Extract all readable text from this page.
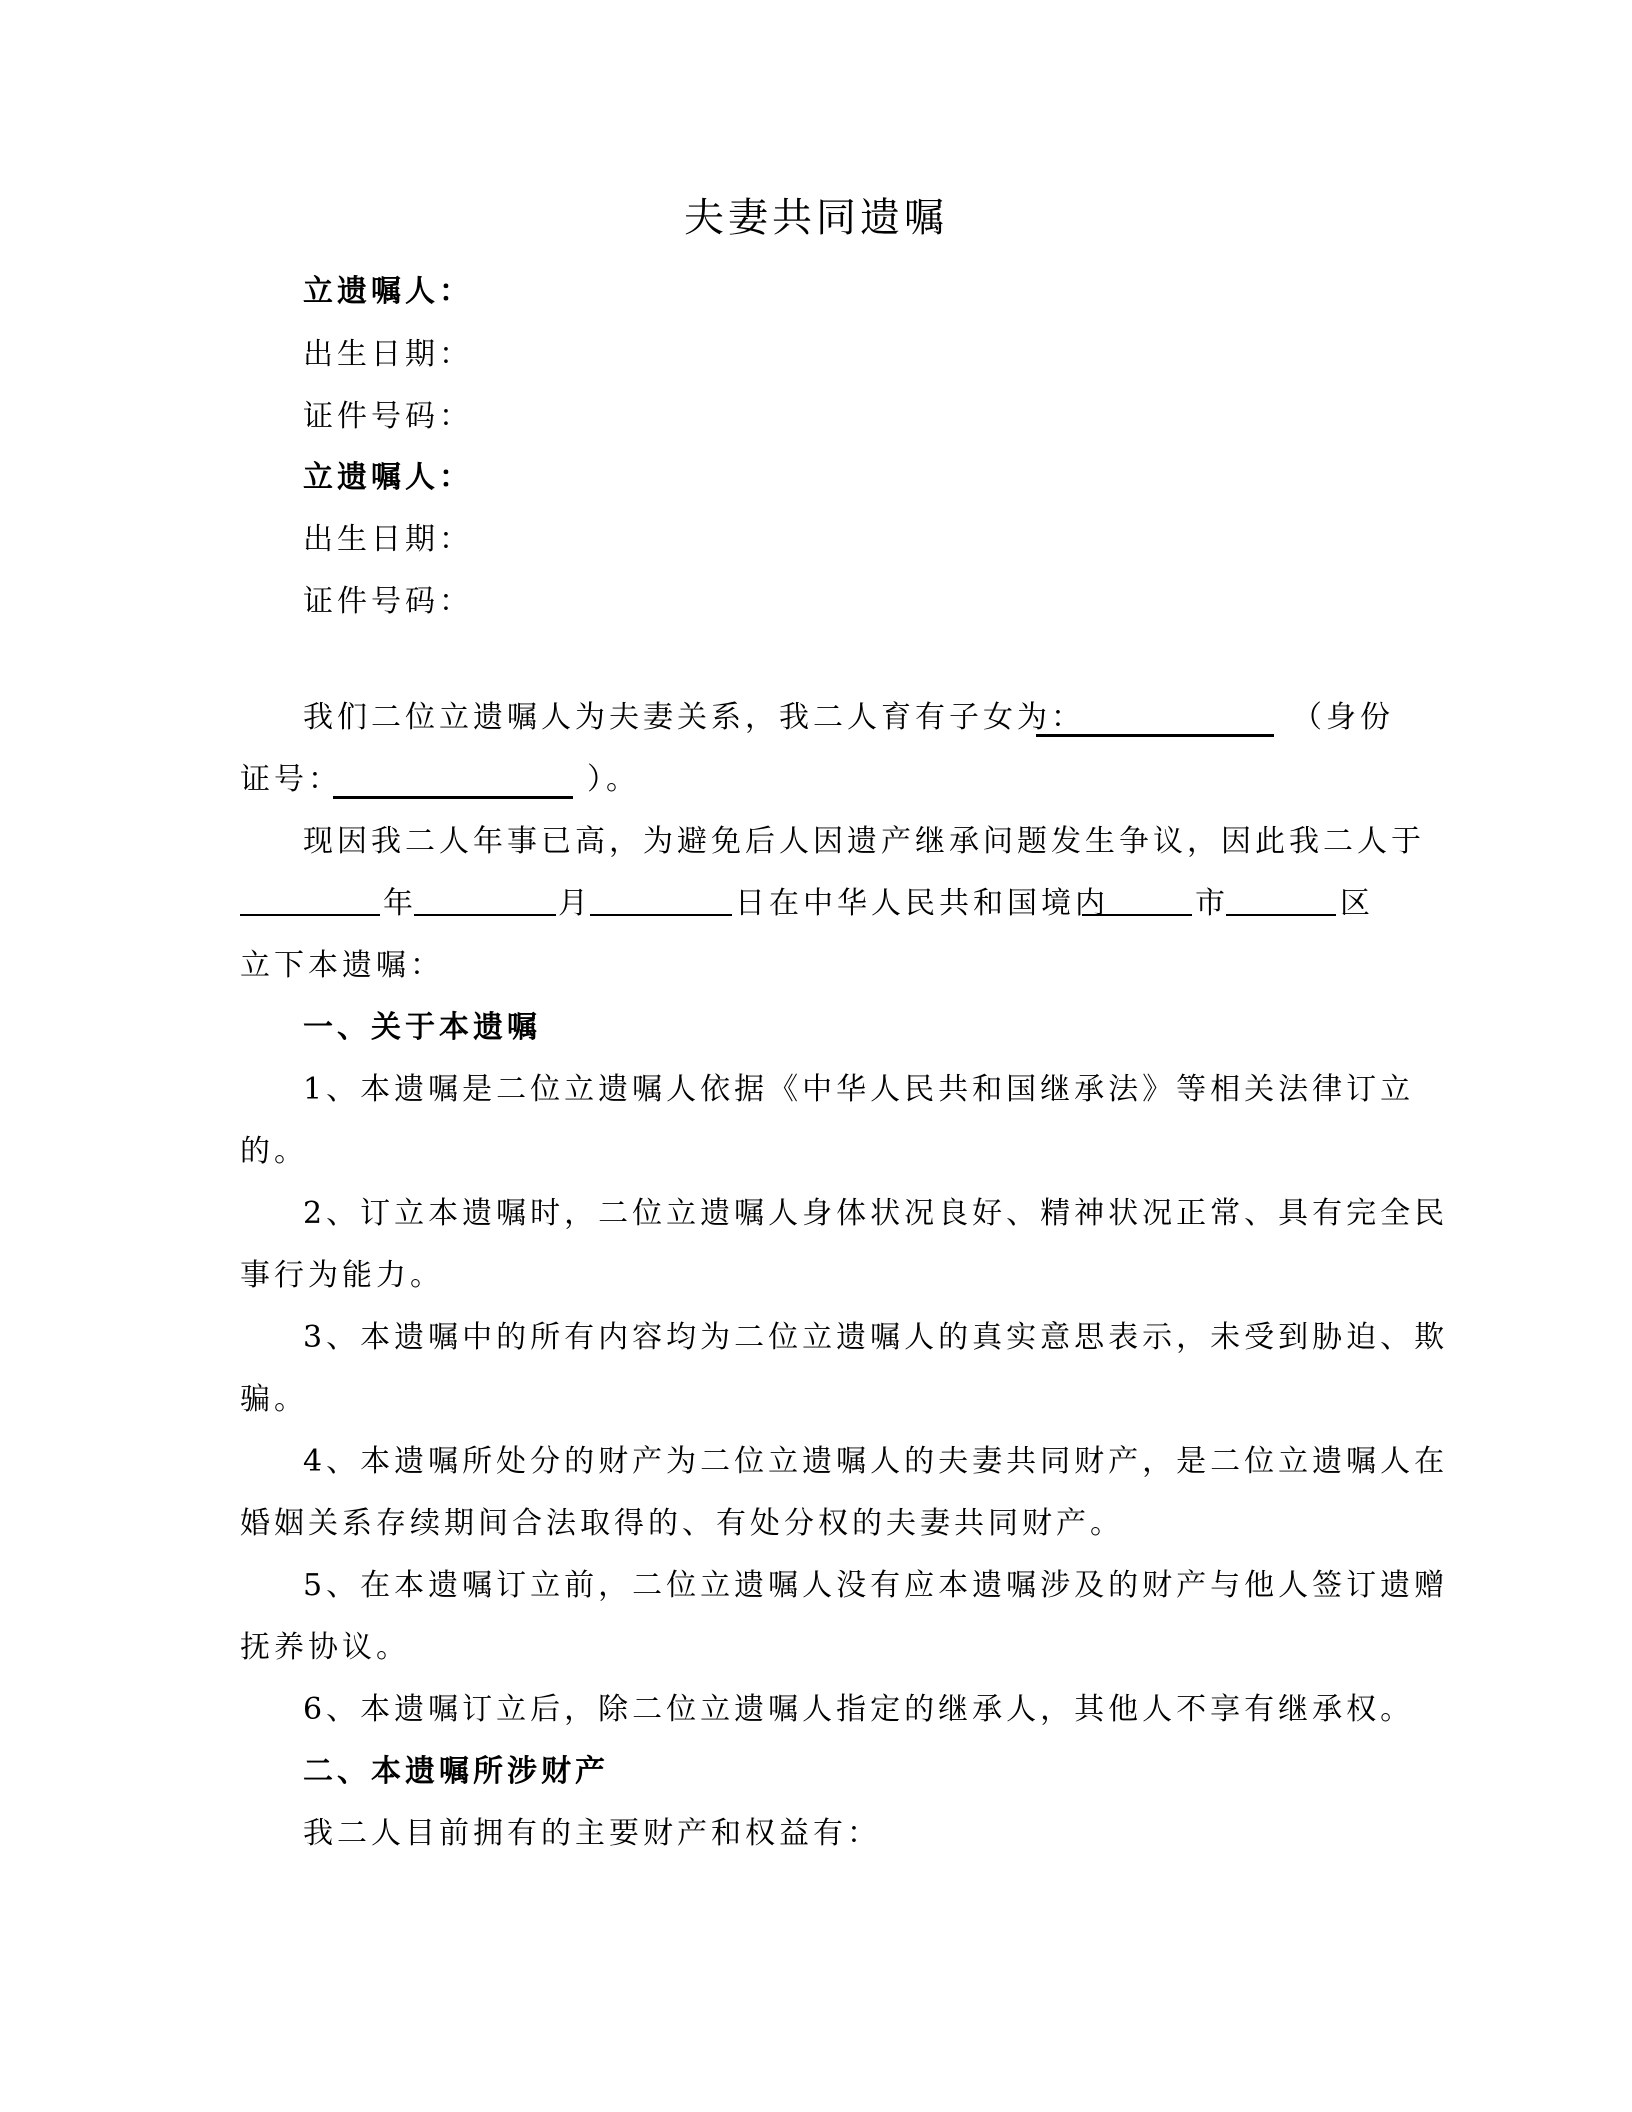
夫妻共同遗嘱
立遗嘱人：
出生日期：
证件号码：
立遗嘱人：
出生日期：
证件号码：
我们二位立遗嘱人为夫妻关系，我二人育有子女为：	（身份
证号：	）。
现因我二人年事已高，为避免后人因遗产继承问题发生争议，因此我二人于
年	月	日在中华人民共和国境内	市	区
立下本遗嘱：
一、关于本遗嘱
1、本遗嘱是二位立遗嘱人依据《中华人民共和国继承法》等相关法律订立
的。
2、订立本遗嘱时，二位立遗嘱人身体状况良好、精神状况正常、具有完全民
事行为能力。
3、本遗嘱中的所有内容均为二位立遗嘱人的真实意思表示，未受到胁迫、欺
骗。
4、本遗嘱所处分的财产为二位立遗嘱人的夫妻共同财产，是二位立遗嘱人在
婚姻关系存续期间合法取得的、有处分权的夫妻共同财产。
5、在本遗嘱订立前，二位立遗嘱人没有应本遗嘱涉及的财产与他人签订遗赠
抚养协议。
6、本遗嘱订立后，除二位立遗嘱人指定的继承人，其他人不享有继承权。
二、本遗嘱所涉财产
我二人目前拥有的主要财产和权益有：
